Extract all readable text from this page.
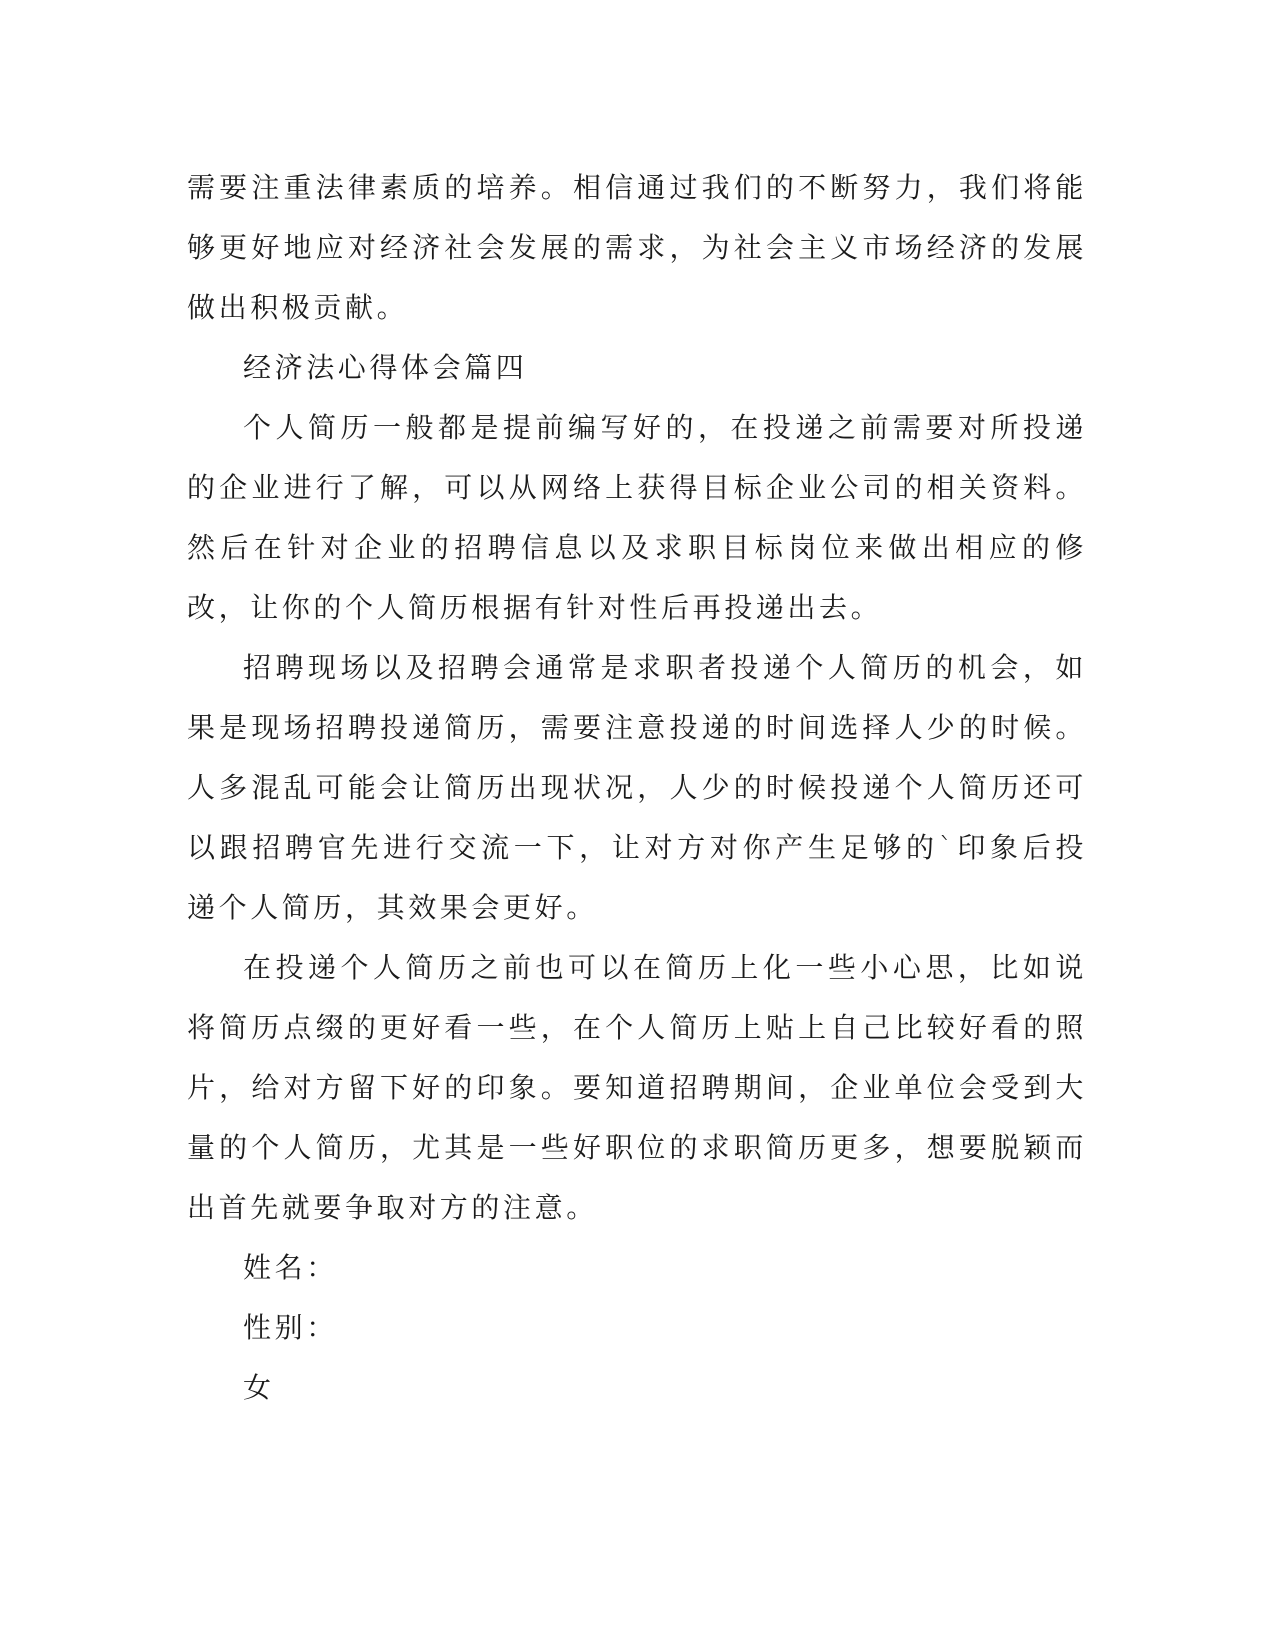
需要注重法律素质的培养。相信通过我们的不断努力，我们将能够更好地应对经济社会发展的需求，为社会主义市场经济的发展做出积极贡献。

经济法心得体会篇四

个人简历一般都是提前编写好的，在投递之前需要对所投递的企业进行了解，可以从网络上获得目标企业公司的相关资料。然后在针对企业的招聘信息以及求职目标岗位来做出相应的修改，让你的个人简历根据有针对性后再投递出去。

招聘现场以及招聘会通常是求职者投递个人简历的机会，如果是现场招聘投递简历，需要注意投递的时间选择人少的时候。人多混乱可能会让简历出现状况，人少的时候投递个人简历还可以跟招聘官先进行交流一下，让对方对你产生足够的`印象后投递个人简历，其效果会更好。

在投递个人简历之前也可以在简历上化一些小心思，比如说将简历点缀的更好看一些，在个人简历上贴上自己比较好看的照片，给对方留下好的印象。要知道招聘期间，企业单位会受到大量的个人简历，尤其是一些好职位的求职简历更多，想要脱颖而出首先就要争取对方的注意。

姓名：

性别：

女
